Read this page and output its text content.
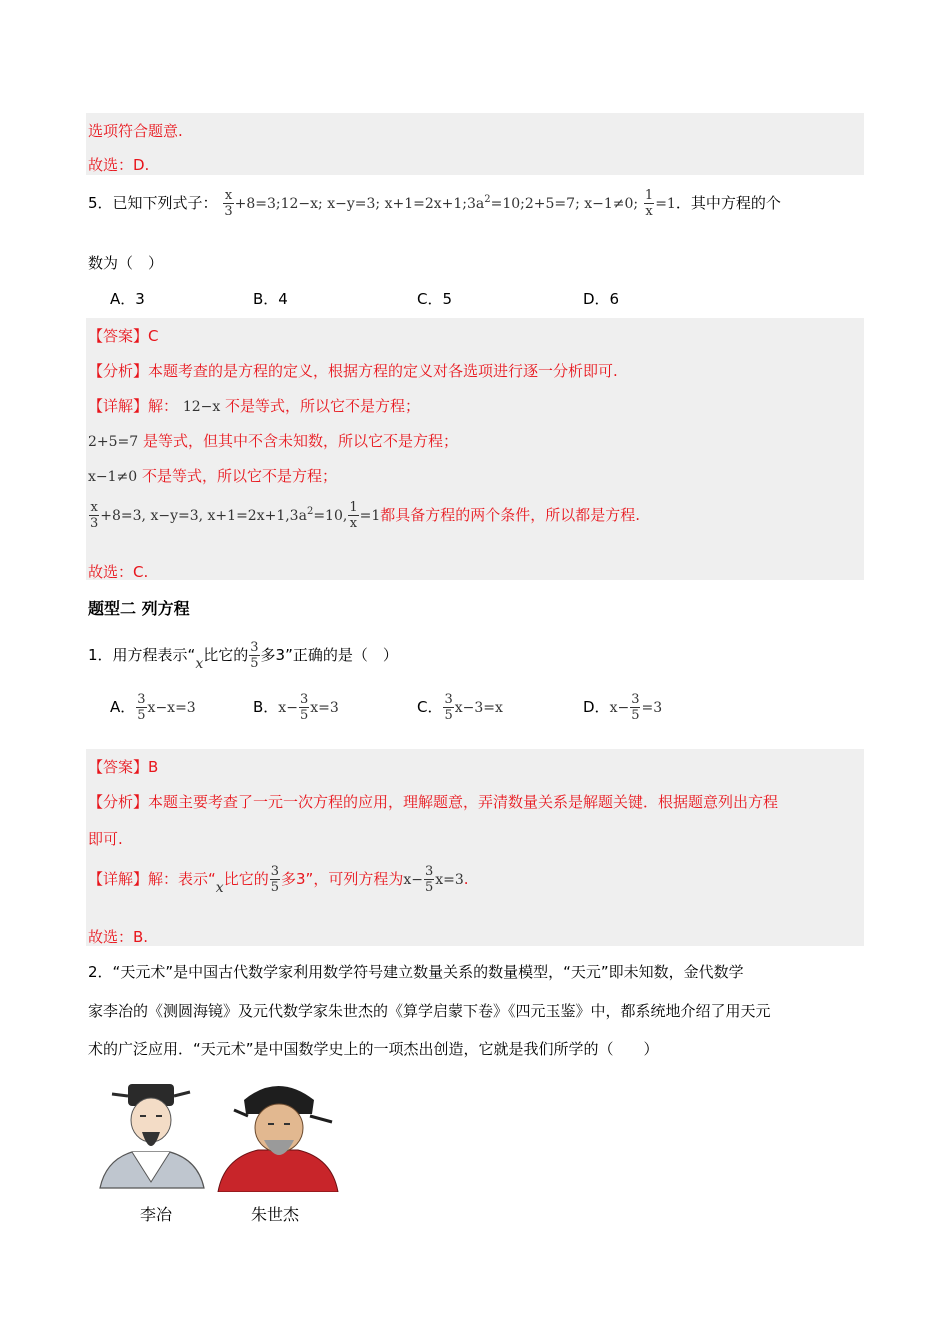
选项符合题意.
故选：D.
5．已知下列式子： $\frac{x}{3}$ +8=3;12−x; x−y=3; $x+1=2x+1;3a^2=10;2+5=7$; x−1≠0; $\frac{1}{x} =1$．其中方程的个
数为（　）
A．3	B．4	C．5	D．6
【答案】C
【分析】本题考查的是方程的定义，根据方程的定义对各选项进行逐一分析即可.
【详解】解： 12−x 不是等式，所以它不是方程；
2+5=7 是等式，但其中不含未知数，所以它不是方程；
x−1≠0 不是等式，所以它不是方程；
$\frac{x}{3} +8=3$, x−y=3, $x+1=2x+1,3a^2=10$, $\frac{1}{x} =1$都具备方程的两个条件，所以都是方程.
故选：C.
题型二 列方程
1．用方程表示“x比它的 $\frac{3}{5}$ 多3”正确的是（　）
A． $\frac{3}{5} x-x=3$	B．$x- \frac{3}{5} x=3$	C． $\frac{3}{5} x-3=x$	D．$x- \frac{3}{5} =3$
【答案】B
【分析】本题主要考查了一元一次方程的应用，理解题意，弄清数量关系是解题关键．根据题意列出方程
即可.
【详解】解：表示“x比它的 $\frac{3}{5}$ 多3”，可列方程为$x- \frac{3}{5} x=3$.
故选：B.
2．“天元术”是中国古代数学家利用数学符号建立数量关系的数量模型，“天元”即未知数，金代数学
家李冶的《测圆海镜》及元代数学家朱世杰的《算学启蒙下卷》《四元玉鉴》中，都系统地介绍了用天元
术的广泛应用．“天元术”是中国数学史上的一项杰出创造，它就是我们所学的（　　）
李冶	朱世杰
